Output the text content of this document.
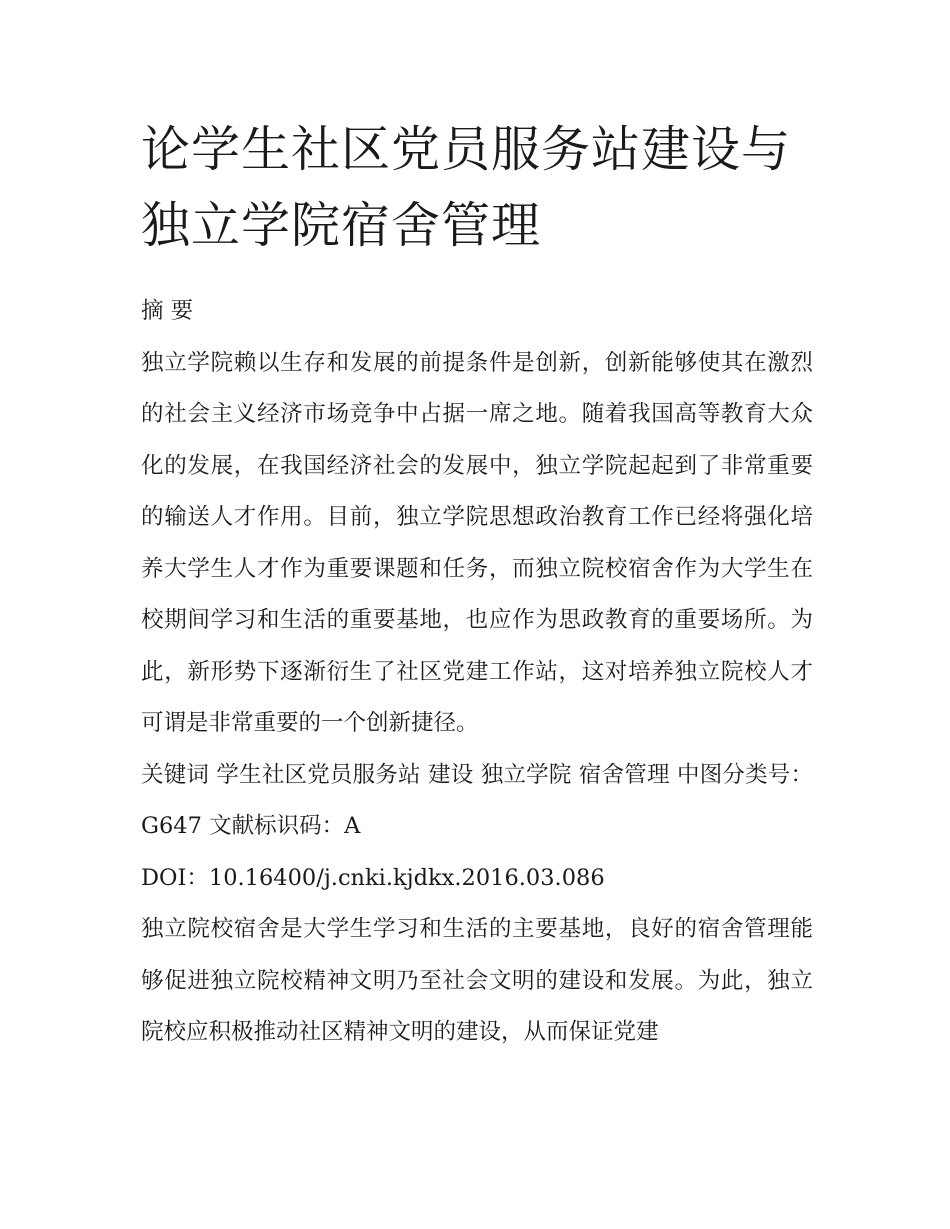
论学生社区党员服务站建设与
独立学院宿舍管理

摘 要

独立学院赖以生存和发展的前提条件是创新，创新能够使其在激烈的社会主义经济市场竞争中占据一席之地。随着我国高等教育大众化的发展，在我国经济社会的发展中，独立学院起起到了非常重要的输送人才作用。目前，独立学院思想政治教育工作已经将强化培养大学生人才作为重要课题和任务，而独立院校宿舍作为大学生在校期间学习和生活的重要基地，也应作为思政教育的重要场所。为此，新形势下逐渐衍生了社区党建工作站，这对培养独立院校人才可谓是非常重要的一个创新捷径。

关键词 学生社区党员服务站 建设 独立学院 宿舍管理 中图分类号：G647 文献标识码：A

DOI：10.16400/j.cnki.kjdkx.2016.03.086

独立院校宿舍是大学生学习和生活的主要基地，良好的宿舍管理能够促进独立院校精神文明乃至社会文明的建设和发展。为此，独立院校应积极推动社区精神文明的建设，从而保证党建
